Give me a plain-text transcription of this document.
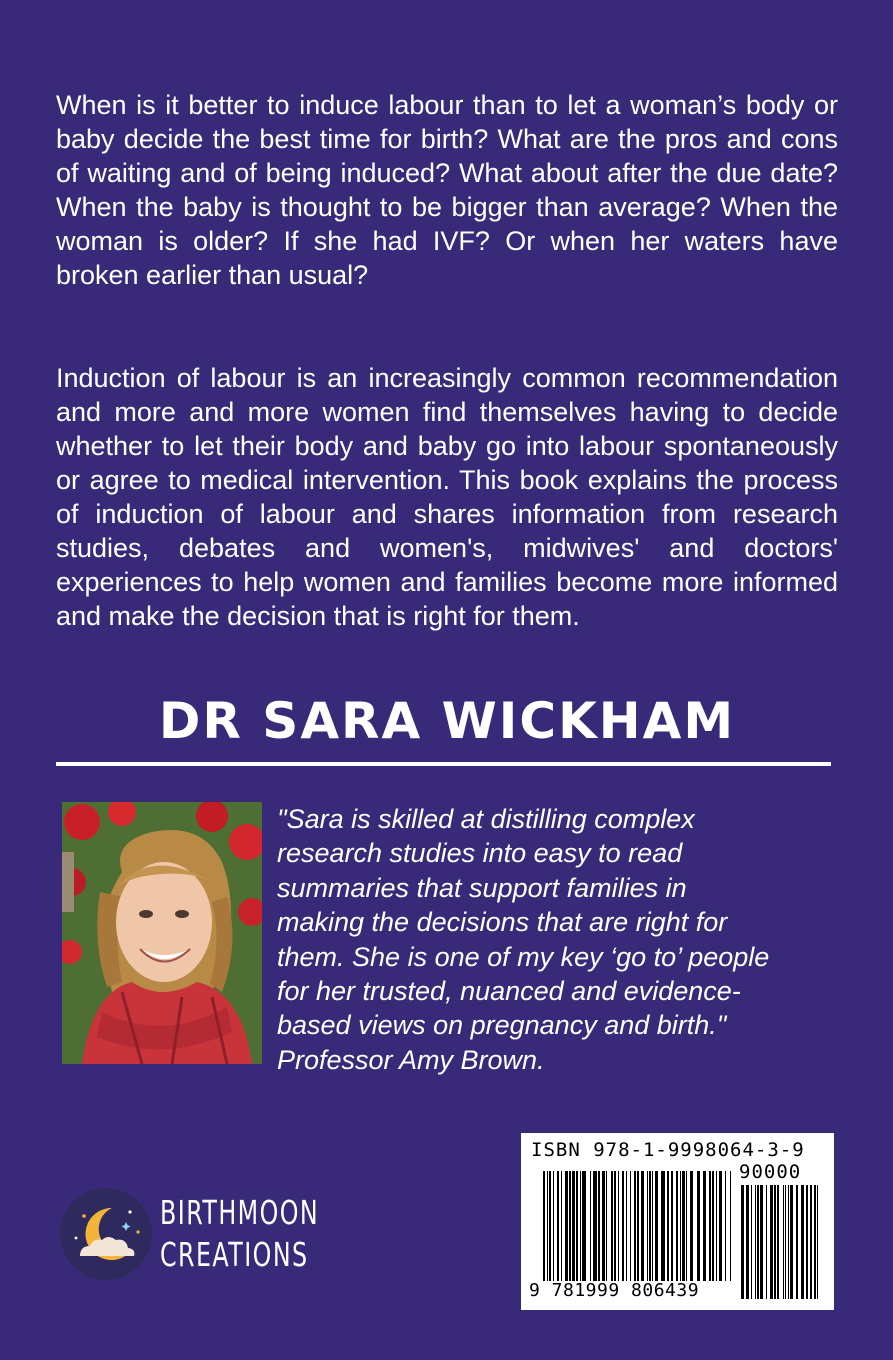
When is it better to induce labour than to let a woman’s body or baby decide the best time for birth? What are the pros and cons of waiting and of being induced? What about after the due date? When the baby is thought to be bigger than average? When the woman is older? If she had IVF? Or when her waters have broken earlier than usual?

Induction of labour is an increasingly common recommendation and more and more women find themselves having to decide whether to let their body and baby go into labour spontaneously or agree to medical intervention. This book explains the process of induction of labour and shares information from research studies, debates and women's, midwives' and doctors' experiences to help women and families become more informed and make the decision that is right for them.

DR SARA WICKHAM
"Sara is skilled at distilling complex
research studies into easy to read
summaries that support families in
making the decisions that are right for
them. She is one of my key ‘go to’ people
for her trusted, nuanced and evidence-
based views on pregnancy and birth."
Professor Amy Brown.
BIRTHMOON
CREATIONS
ISBN 978-1-9998064-3-9
90000
9 781999 806439
